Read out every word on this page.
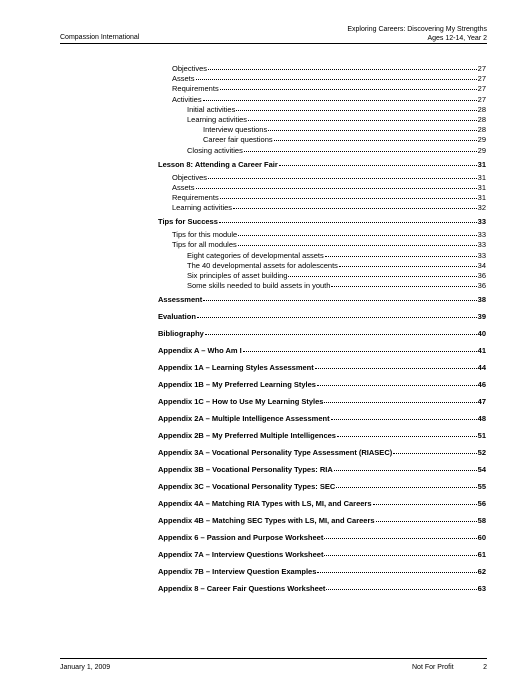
Compassion International
Exploring Careers: Discovering My Strengths
Ages 12-14, Year 2
Objectives	27
Assets	27
Requirements	27
Activities	27
Initial activities	28
Learning activities	28
Interview questions	28
Career fair questions	29
Closing activities	29
Lesson 8: Attending a Career Fair	31
Objectives	31
Assets	31
Requirements	31
Learning activities	32
Tips for Success	33
Tips for this module	33
Tips for all modules	33
Eight categories of developmental assets	33
The 40 developmental assets for adolescents	34
Six principles of asset building	36
Some skills needed to build assets in youth	36
Assessment	38
Evaluation	39
Bibliography	40
Appendix A – Who Am I	41
Appendix 1A – Learning Styles Assessment	44
Appendix 1B – My Preferred Learning Styles	46
Appendix 1C – How to Use My Learning Styles	47
Appendix 2A – Multiple Intelligence Assessment	48
Appendix 2B – My Preferred Multiple Intelligences	51
Appendix 3A – Vocational Personality Type Assessment (RIASEC)	52
Appendix 3B – Vocational Personality Types: RIA	54
Appendix 3C – Vocational Personality Types: SEC	55
Appendix 4A – Matching RIA Types with LS, MI, and Careers	56
Appendix 4B – Matching SEC Types with LS, MI, and Careers	58
Appendix 6 – Passion and Purpose Worksheet	60
Appendix 7A – Interview Questions Worksheet	61
Appendix 7B – Interview Question Examples	62
Appendix 8 – Career Fair Questions Worksheet	63
January 1, 2009	Not For Profit	2
